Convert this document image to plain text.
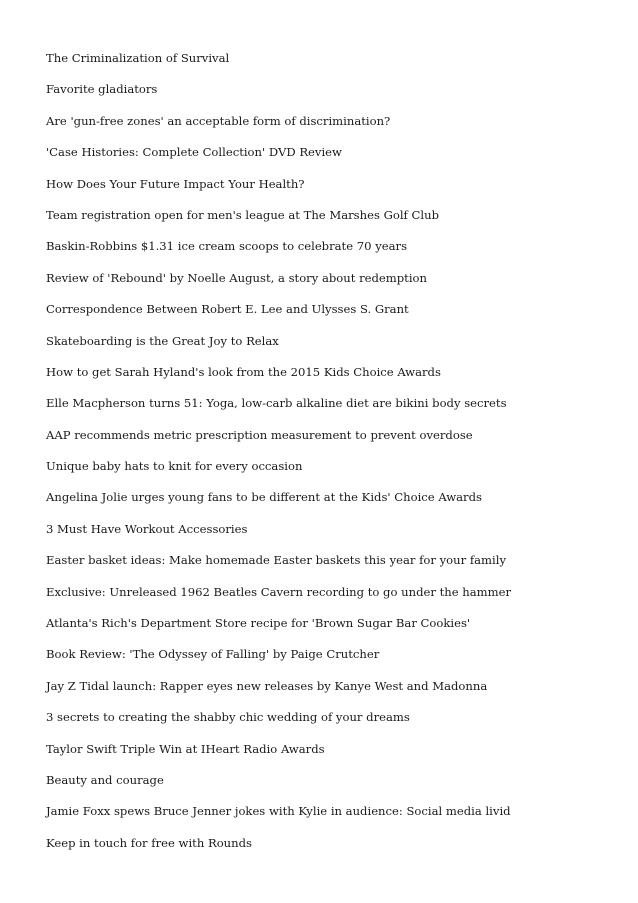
The Criminalization of Survival
Favorite gladiators
Are 'gun-free zones' an acceptable form of discrimination?
'Case Histories: Complete Collection' DVD Review
How Does Your Future Impact Your Health?
Team registration open for men's league at The Marshes Golf Club
Baskin-Robbins $1.31 ice cream scoops to celebrate 70 years
Review of 'Rebound' by Noelle August, a story about redemption
Correspondence Between Robert E. Lee and Ulysses S. Grant
Skateboarding is the Great Joy to Relax
How to get Sarah Hyland's look from the 2015 Kids Choice Awards
Elle Macpherson turns 51: Yoga, low-carb alkaline diet are bikini body secrets
AAP recommends metric prescription measurement to prevent overdose
Unique baby hats to knit for every occasion
Angelina Jolie urges young fans to be different at the Kids' Choice Awards
3 Must Have Workout Accessories
Easter basket ideas: Make homemade Easter baskets this year for your family
Exclusive: Unreleased 1962 Beatles Cavern recording to go under the hammer
Atlanta's Rich's Department Store recipe for 'Brown Sugar Bar Cookies'
Book Review: 'The Odyssey of Falling' by Paige Crutcher
Jay Z Tidal launch: Rapper eyes new releases by Kanye West and Madonna
3 secrets to creating the shabby chic wedding of your dreams
Taylor Swift Triple Win at IHeart Radio Awards
Beauty and courage
Jamie Foxx spews Bruce Jenner jokes with Kylie in audience: Social media livid
Keep in touch for free with Rounds
